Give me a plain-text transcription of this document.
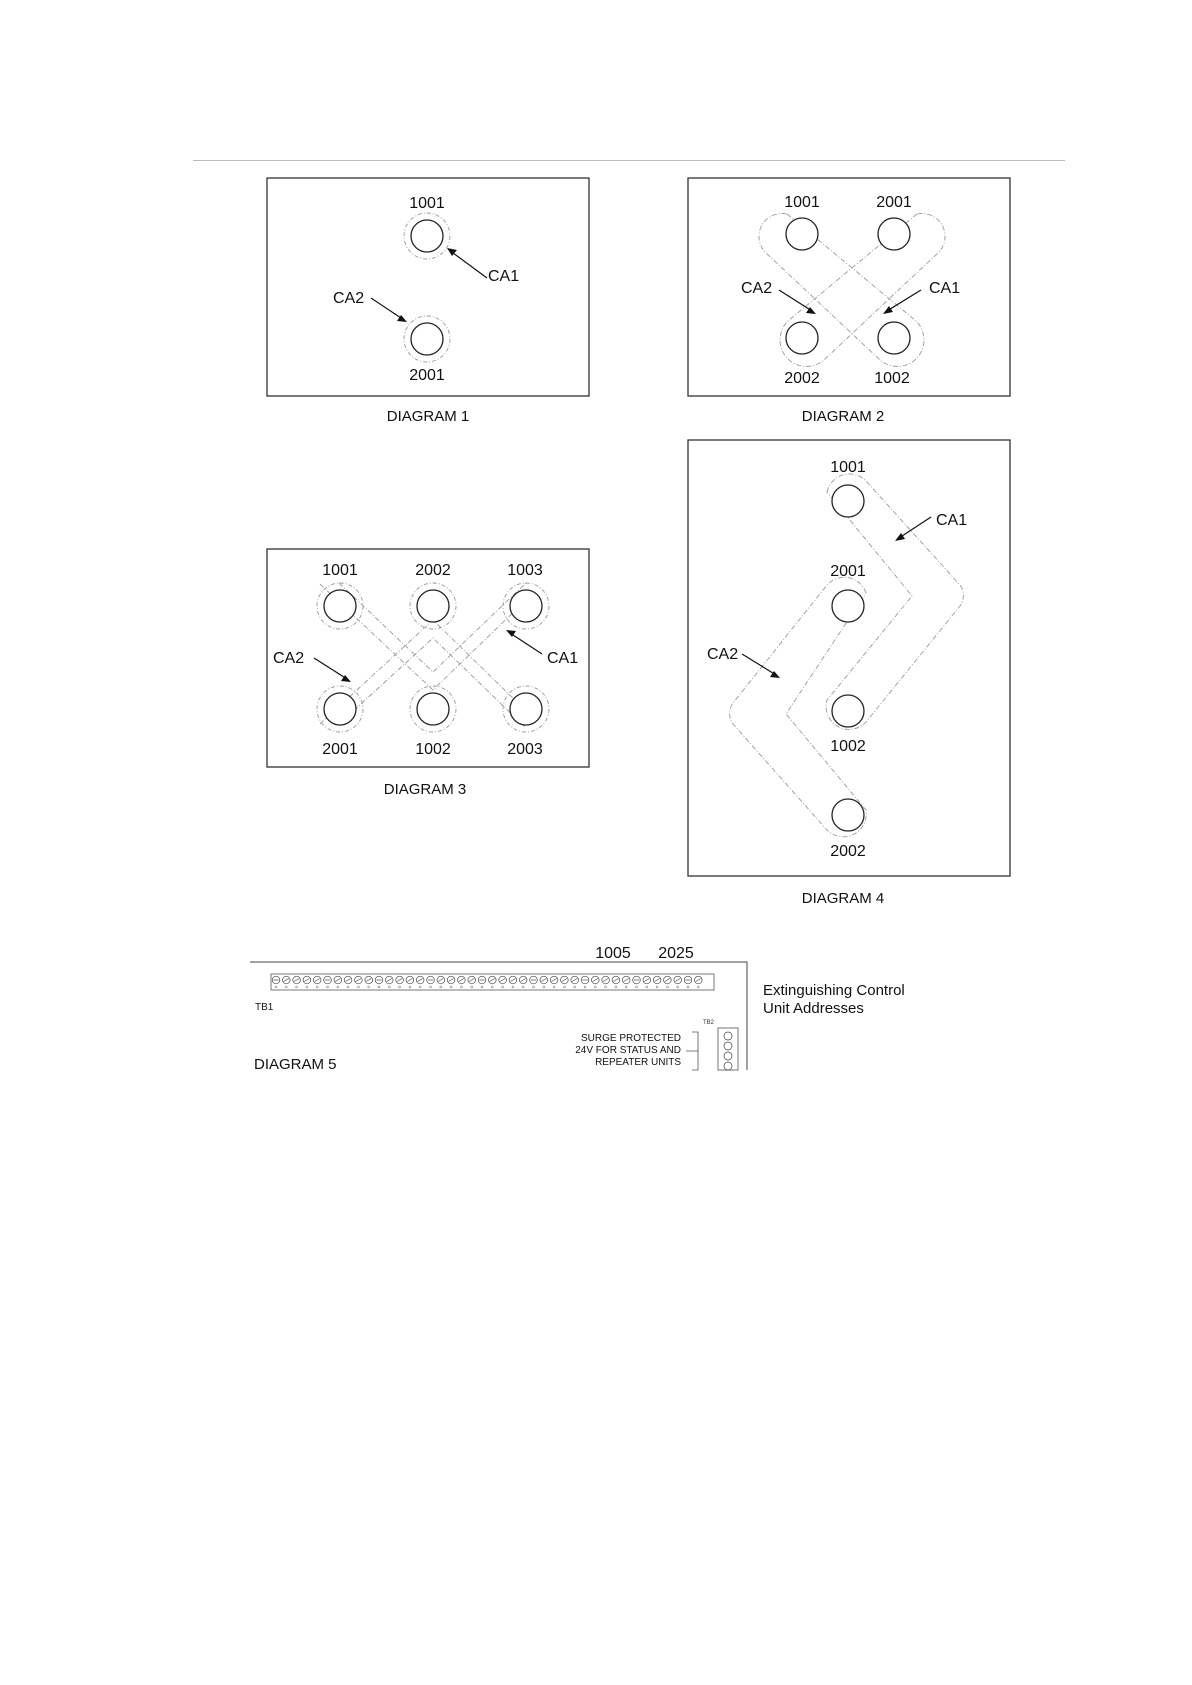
1001
2001
CA1
CA2
DIAGRAM 1
1001	2001
2002	1002
CA2	CA1
DIAGRAM 2
1001	2002	1003
2001	1002	2003
CA2	CA1
DIAGRAM 3
1001
2001
1002
2002
CA1
CA2
DIAGRAM 4
1005 2025
TB1
TB2
SURGE PROTECTED
24V FOR STATUS AND
REPEATER UNITS
DIAGRAM 5
Extinguishing Control
Unit Addresses
